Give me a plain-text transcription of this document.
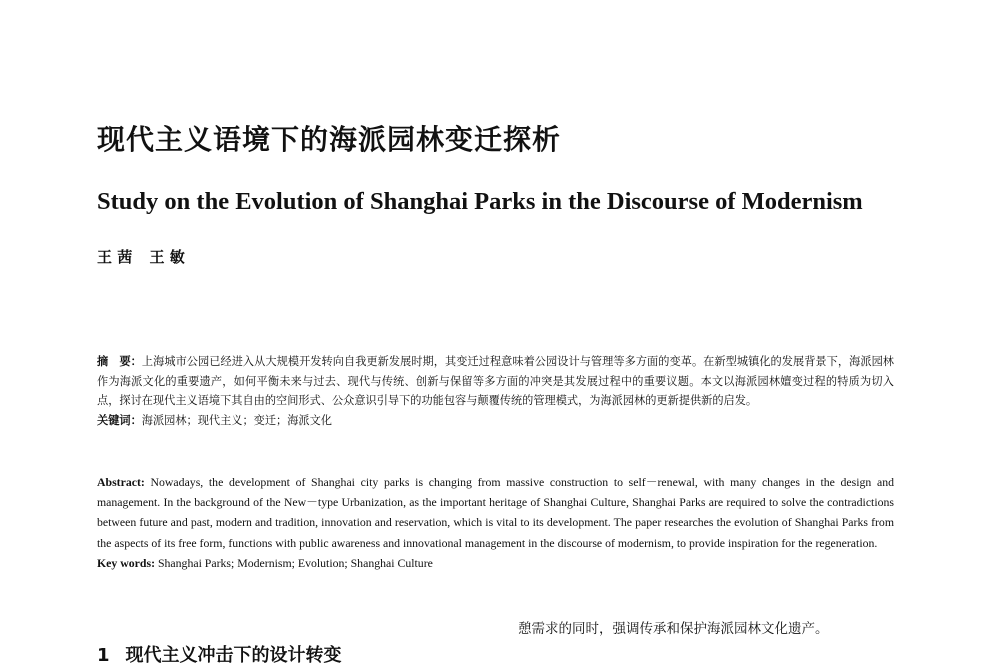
现代主义语境下的海派园林变迁探析
Study on the Evolution of Shanghai Parks in the Discourse of Modernism
王 茜 王 敏

摘　要：上海城市公园已经进入从大规模开发转向自我更新发展时期，其变迁过程意味着公园设计与管理等多方面的变革。在新型城镇化的发展背景下，海派园林作为海派文化的重要遗产，如何平衡未来与过去、现代与传统、创新与保留等多方面的冲突是其发展过程中的重要议题。本文以海派园林嬗变过程的特质为切入点，探讨在现代主义语境下其自由的空间形式、公众意识引导下的功能包容与颠覆传统的管理模式，为海派园林的更新提供新的启发。

关键词：海派园林；现代主义；变迁；海派文化

Abstract: Nowadays, the development of Shanghai city parks is changing from massive construction to self－renewal, with many changes in the design and management. In the background of the New－type Urbanization, as the important heritage of Shanghai Culture, Shanghai Parks are required to solve the contradictions between future and past, modern and tradition, innovation and reservation, which is vital to its development. The paper researches the evolution of Shanghai Parks from the aspects of its free form, functions with public awareness and innovational management in the discourse of modernism, to provide inspiration for the regeneration.

Key words: Shanghai Parks; Modernism; Evolution; Shanghai Culture

憩需求的同时，强调传承和保护海派园林文化遗产。
1 现代主义冲击下的设计转变
